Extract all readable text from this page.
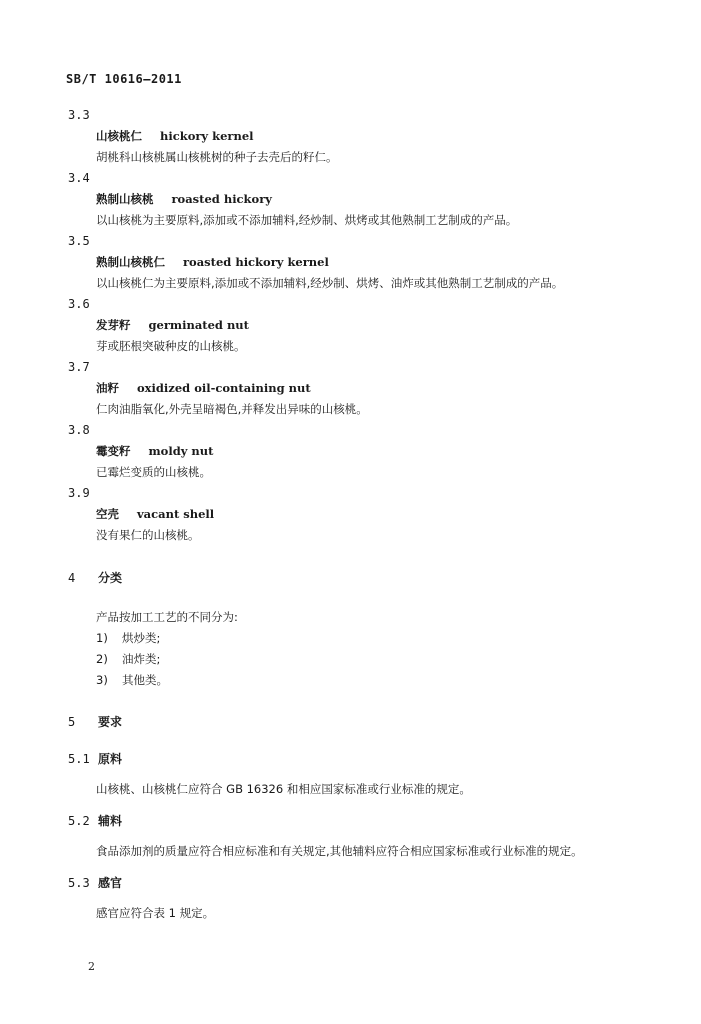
SB/T 10616—2011
3.3
山核桃仁 hickory kernel
胡桃科山核桃属山核桃树的种子去壳后的籽仁。
3.4
熟制山核桃 roasted hickory
以山核桃为主要原料,添加或不添加辅料,经炒制、烘烤或其他熟制工艺制成的产品。
3.5
熟制山核桃仁 roasted hickory kernel
以山核桃仁为主要原料,添加或不添加辅料,经炒制、烘烤、油炸或其他熟制工艺制成的产品。
3.6
发芽籽 germinated nut
芽或胚根突破种皮的山核桃。
3.7
油籽 oxidized oil-containing nut
仁肉油脂氧化,外壳呈暗褐色,并释发出异味的山核桃。
3.8
霉变籽 moldy nut
已霉烂变质的山核桃。
3.9
空壳 vacant shell
没有果仁的山核桃。
4 分类
产品按加工工艺的不同分为:
1) 烘炒类;
2) 油炸类;
3) 其他类。
5 要求
5.1 原料
山核桃、山核桃仁应符合 GB 16326 和相应国家标准或行业标准的规定。
5.2 辅料
食品添加剂的质量应符合相应标准和有关规定,其他辅料应符合相应国家标准或行业标准的规定。
5.3 感官
感官应符合表 1 规定。
2
